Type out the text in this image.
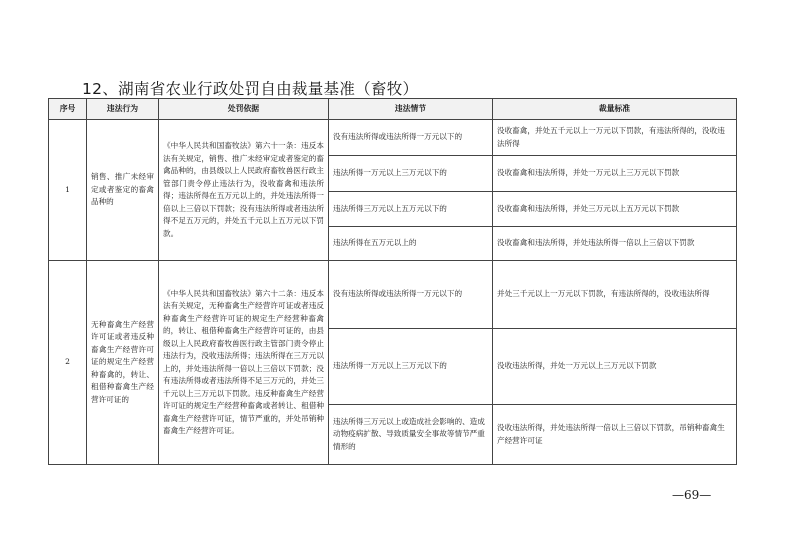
12、湖南省农业行政处罚自由裁量基准（畜牧）
序号	违法行为	处罚依据	违法情节	裁量标准
1	销售、推广未经审定或者鉴定的畜禽品种的	《中华人民共和国畜牧法》第六十一条：违反本法有关规定，销售、推广未经审定或者鉴定的畜禽品种的，由县级以上人民政府畜牧兽医行政主管部门责令停止违法行为，没收畜禽和违法所得；违法所得在五万元以上的，并处违法所得一倍以上三倍以下罚款；没有违法所得或者违法所得不足五万元的，并处五千元以上五万元以下罚款。	没有违法所得或违法所得一万元以下的	没收畜禽，并处五千元以上一万元以下罚款，有违法所得的，没收违法所得
			违法所得一万元以上三万元以下的	没收畜禽和违法所得，并处一万元以上三万元以下罚款
			违法所得三万元以上五万元以下的	没收畜禽和违法所得，并处三万元以上五万元以下罚款
			违法所得在五万元以上的	没收畜禽和违法所得，并处违法所得一倍以上三倍以下罚款
2	无种畜禽生产经营许可证或者违反种畜禽生产经营许可证的规定生产经营种畜禽的，转让、租借种畜禽生产经营许可证的	《中华人民共和国畜牧法》第六十二条：违反本法有关规定，无种畜禽生产经营许可证或者违反种畜禽生产经营许可证的规定生产经营种畜禽的，转让、租借种畜禽生产经营许可证的，由县级以上人民政府畜牧兽医行政主管部门责令停止违法行为，没收违法所得；违法所得在三万元以上的，并处违法所得一倍以上三倍以下罚款；没有违法所得或者违法所得不足三万元的，并处三千元以上三万元以下罚款。违反种畜禽生产经营许可证的规定生产经营种畜禽或者转让、租借种畜禽生产经营许可证，情节严重的，并处吊销种畜禽生产经营许可证。	没有违法所得或违法所得一万元以下的	并处三千元以上一万元以下罚款，有违法所得的，没收违法所得
			违法所得一万元以上三万元以下的	没收违法所得，并处一万元以上三万元以下罚款
			违法所得三万元以上或造成社会影响的、造成动物疫病扩散、导致质量安全事故等情节严重情形的	没收违法所得，并处违法所得一倍以上三倍以下罚款，吊销种畜禽生产经营许可证
—69—
